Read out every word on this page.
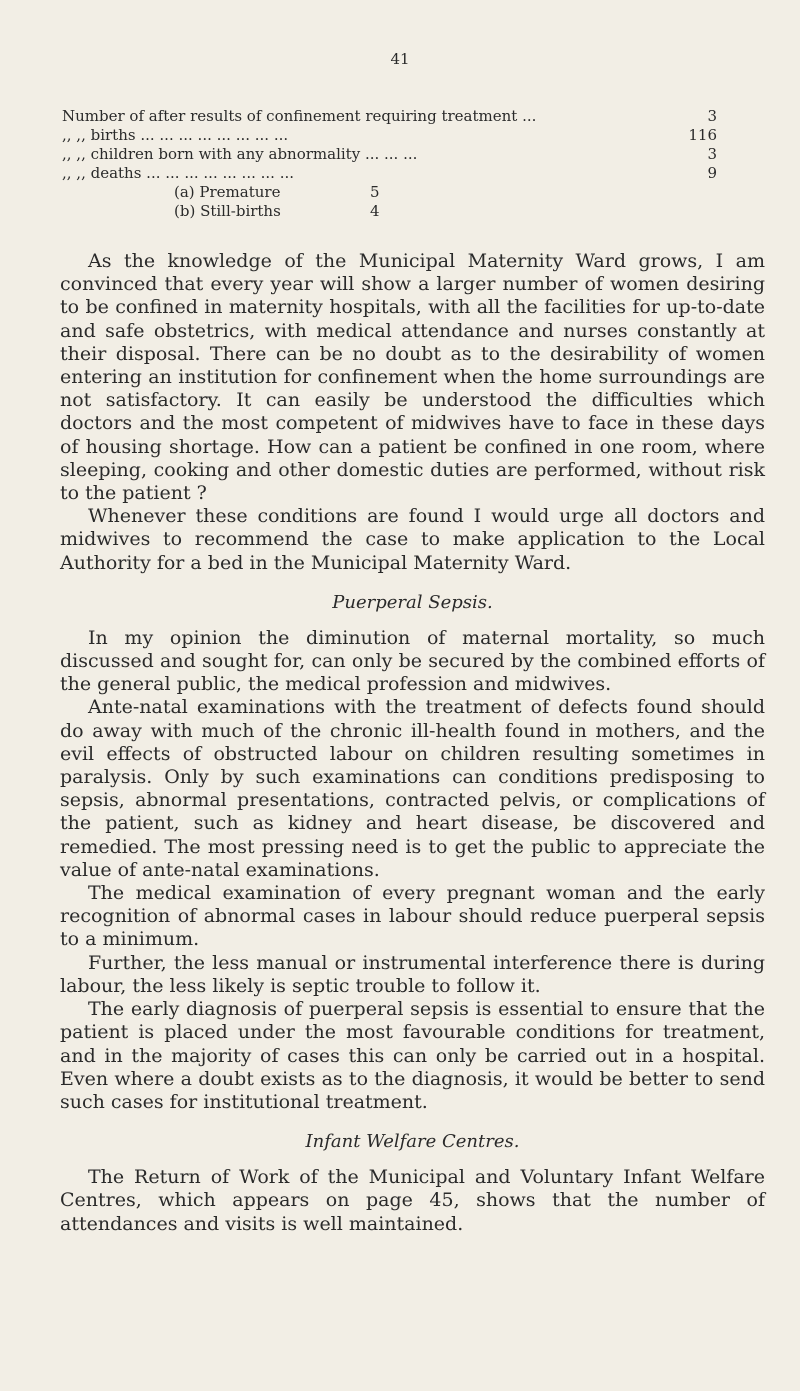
41
Number of after results of confinement requiring treatment ...	3
,, ,, births ... ... ... ... ... ... ... ...	116
,, ,, children born with any abnormality ... ... ...	3
,, ,, deaths ... ... ... ... ... ... ... ...	9
(a) Premature	5
(b) Still-births	4

As the knowledge of the Municipal Maternity Ward grows, I am convinced that every year will show a larger number of women desiring to be confined in maternity hospitals, with all the facilities for up-to-date and safe obstetrics, with medical attendance and nurses constantly at their disposal. There can be no doubt as to the desirability of women entering an institution for confinement when the home surroundings are not satisfactory. It can easily be understood the difficulties which doctors and the most competent of midwives have to face in these days of housing shortage. How can a patient be confined in one room, where sleeping, cooking and other domestic duties are performed, without risk to the patient ?

Whenever these conditions are found I would urge all doctors and midwives to recommend the case to make application to the Local Authority for a bed in the Municipal Maternity Ward.

Puerperal Sepsis.

In my opinion the diminution of maternal mortality, so much discussed and sought for, can only be secured by the combined efforts of the general public, the medical profession and midwives.

Ante-natal examinations with the treatment of defects found should do away with much of the chronic ill-health found in mothers, and the evil effects of obstructed labour on children resulting sometimes in paralysis. Only by such examinations can conditions predisposing to sepsis, abnormal presentations, contracted pelvis, or complications of the patient, such as kidney and heart disease, be discovered and remedied. The most pressing need is to get the public to appreciate the value of ante-natal examinations.

The medical examination of every pregnant woman and the early recognition of abnormal cases in labour should reduce puerperal sepsis to a minimum.

Further, the less manual or instrumental interference there is during labour, the less likely is septic trouble to follow it.

The early diagnosis of puerperal sepsis is essential to ensure that the patient is placed under the most favourable conditions for treatment, and in the majority of cases this can only be carried out in a hospital. Even where a doubt exists as to the diagnosis, it would be better to send such cases for institutional treatment.

Infant Welfare Centres.

The Return of Work of the Municipal and Voluntary Infant Welfare Centres, which appears on page 45, shows that the number of attendances and visits is well maintained.
